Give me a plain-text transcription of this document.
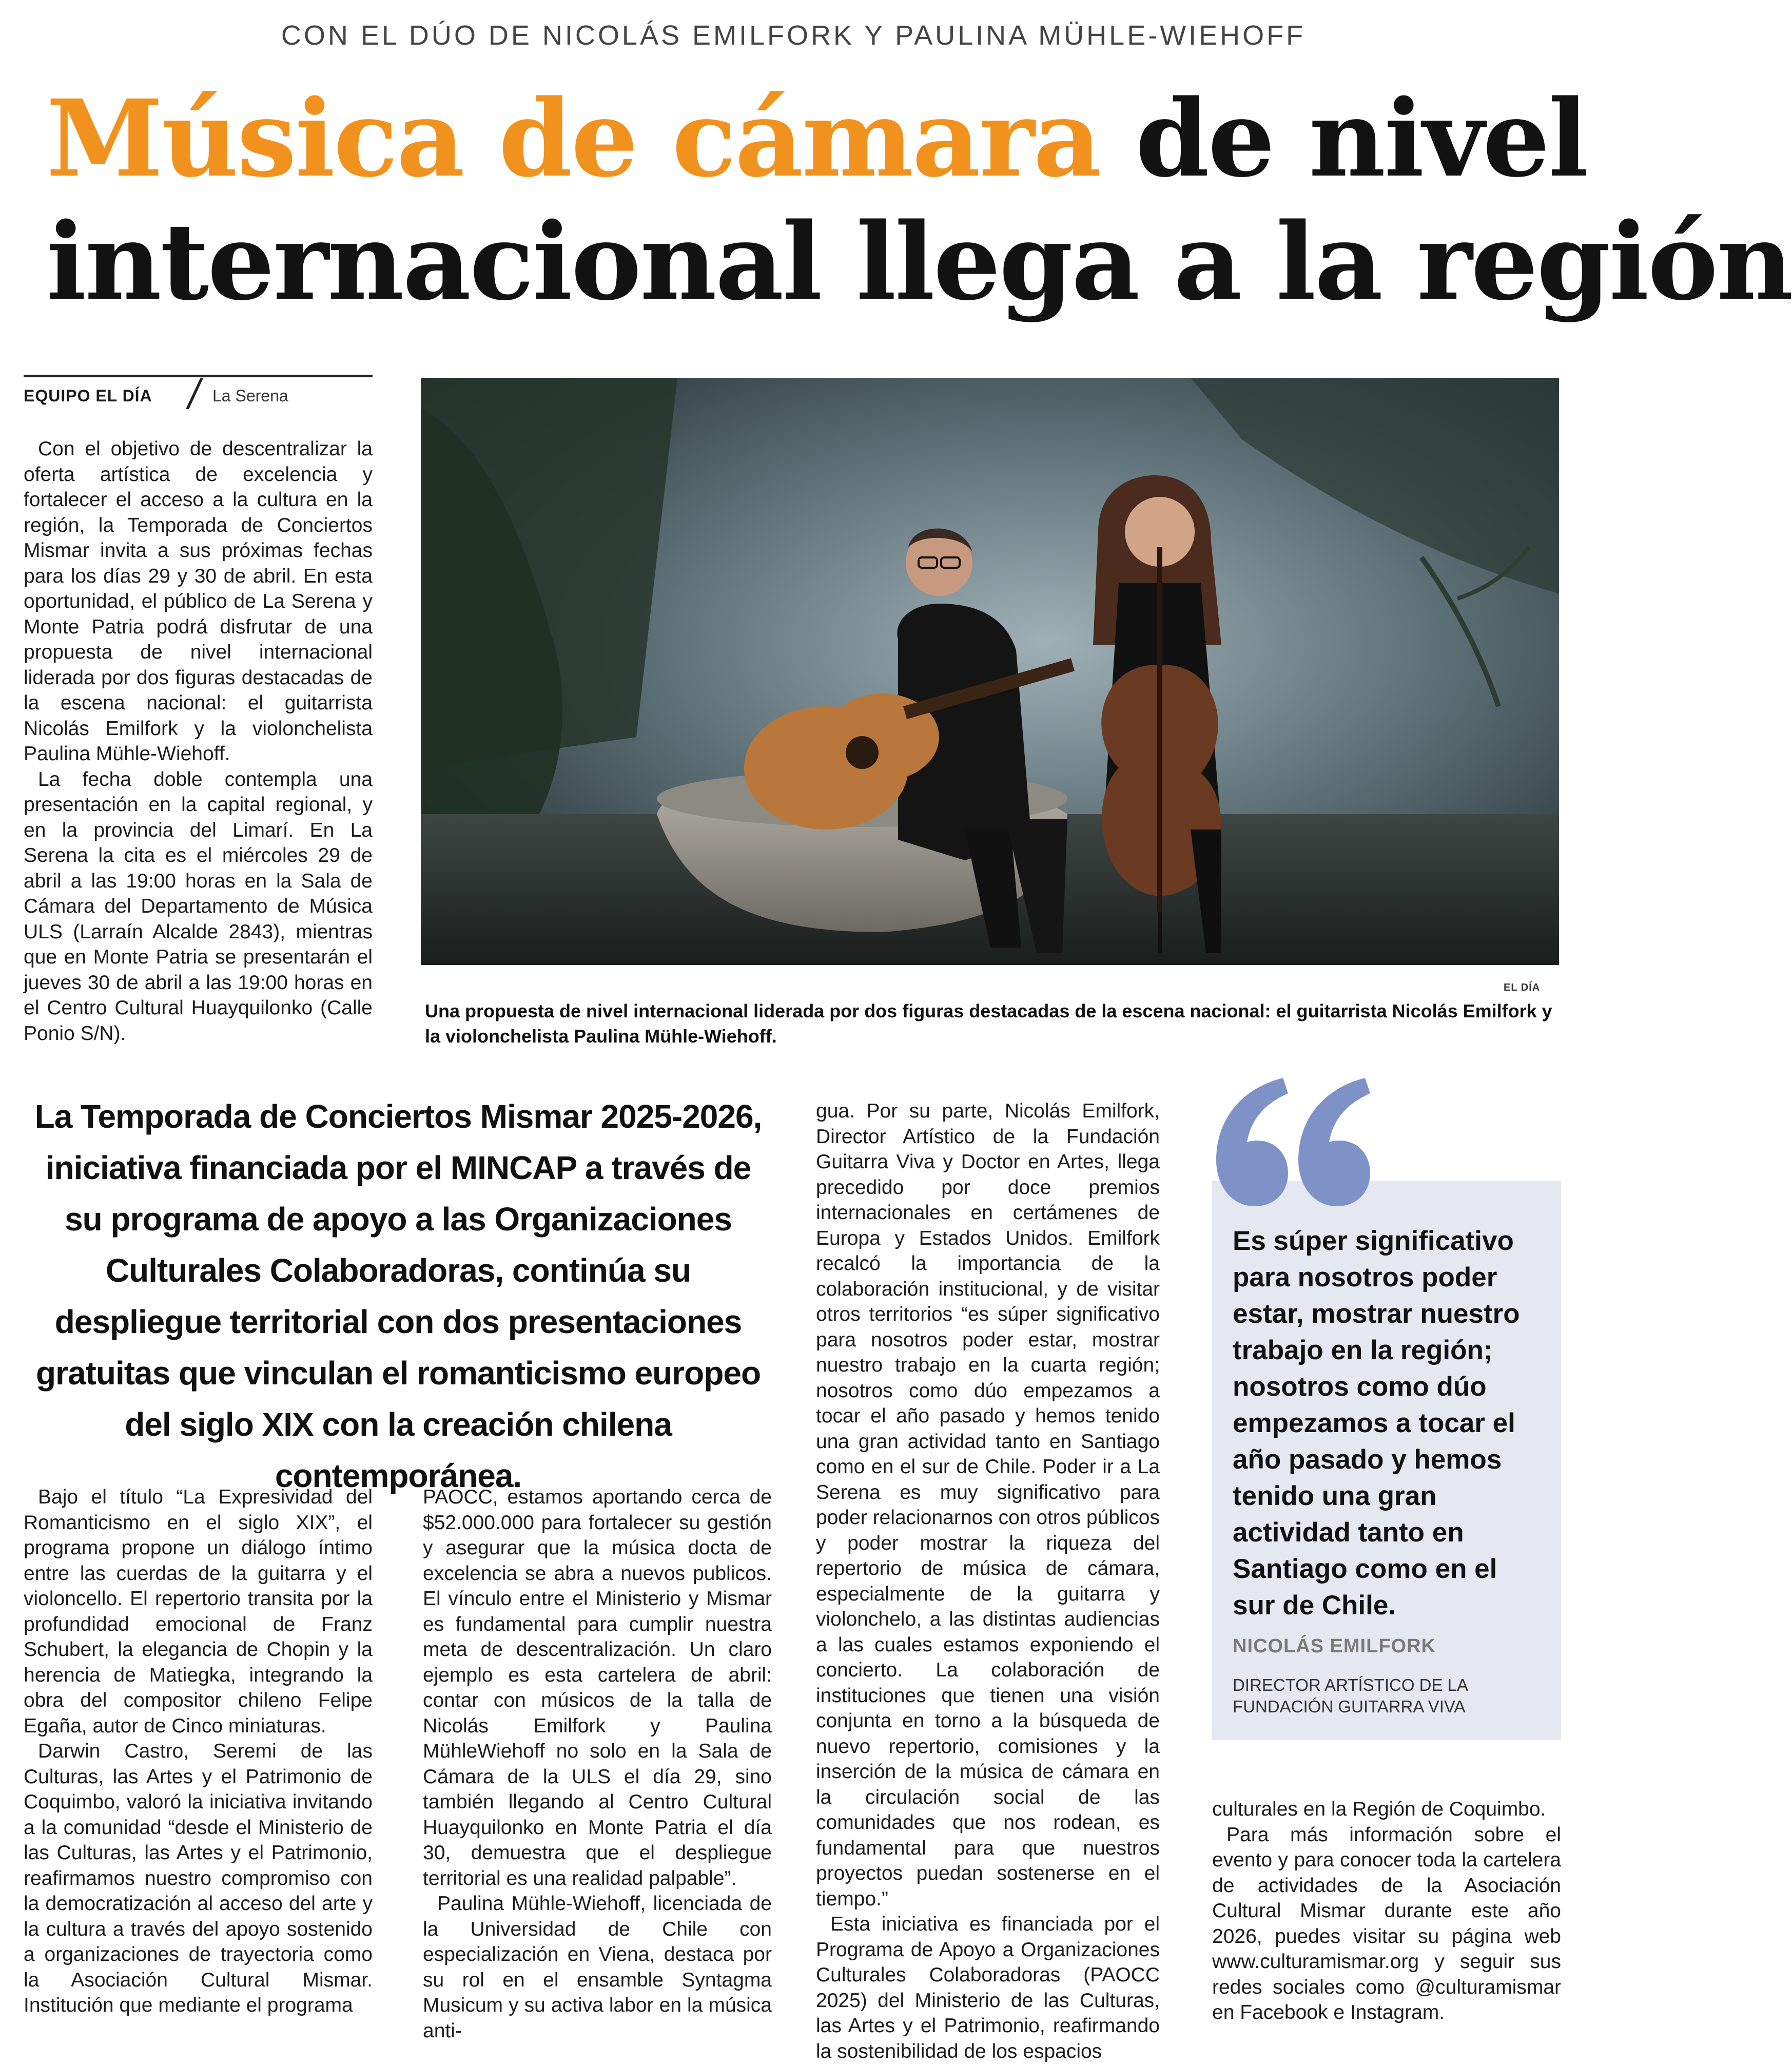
CON EL DÚO DE NICOLÁS EMILFORK Y PAULINA MÜHLE-WIEHOFF
Música de cámara de nivel
internacional llega a la región
EQUIPO EL DÍA	La Serena

Con el objetivo de descentralizar la oferta artística de excelencia y fortalecer el acceso a la cultura en la región, la Temporada de Conciertos Mismar invita a sus próximas fechas para los días 29 y 30 de abril. En esta oportunidad, el público de La Serena y Monte Patria podrá disfrutar de una propuesta de nivel internacional liderada por dos figuras destacadas de la escena nacional: el guitarrista Nicolás Emilfork y la violonchelista Paulina Mühle-Wiehoff.

La fecha doble contempla una presentación en la capital regional, y en la provincia del Limarí. En La Serena la cita es el miércoles 29 de abril a las 19:00 horas en la Sala de Cámara del Departamento de Música ULS (Larraín Alcalde 2843), mientras que en Monte Patria se presentarán el jueves 30 de abril a las 19:00 horas en el Centro Cultural Huayquilonko (Calle Ponio S/N).

EL DÍA
Una propuesta de nivel internacional liderada por dos figuras destacadas de la escena nacional: el guitarrista Nicolás Emilfork y la violonchelista Paulina Mühle-Wiehoff.
La Temporada de Conciertos Mismar 2025-2026, iniciativa financiada por el MINCAP a través de su programa de apoyo a las Organizaciones Culturales Colaboradoras, continúa su despliegue territorial con dos presentaciones gratuitas que vinculan el romanticismo europeo del siglo XIX con la creación chilena contemporánea.

Bajo el título “La Expresividad del Romanticismo en el siglo XIX”, el programa propone un diálogo íntimo entre las cuerdas de la guitarra y el violoncello. El repertorio transita por la profundidad emocional de Franz Schubert, la elegancia de Chopin y la herencia de Matiegka, integrando la obra del compositor chileno Felipe Egaña, autor de Cinco miniaturas.

Darwin Castro, Seremi de las Culturas, las Artes y el Patrimonio de Coquimbo, valoró la iniciativa invitando a la comunidad “desde el Ministerio de las Culturas, las Artes y el Patrimonio, reafirmamos nuestro compromiso con la democratización al acceso del arte y la cultura a través del apoyo sostenido a organizaciones de trayectoria como la Asociación Cultural Mismar. Institución que mediante el programa

PAOCC, estamos aportando cerca de $52.000.000 para fortalecer su gestión y asegurar que la música docta de excelencia se abra a nuevos publicos. El vínculo entre el Ministerio y Mismar es fundamental para cumplir nuestra meta de descentralización. Un claro ejemplo es esta cartelera de abril: contar con músicos de la talla de Nicolás Emilfork y Paulina MühleWiehoff no solo en la Sala de Cámara de la ULS el día 29, sino también llegando al Centro Cultural Huayquilonko en Monte Patria el día 30, demuestra que el despliegue territorial es una realidad palpable”.

Paulina Mühle-Wiehoff, licenciada de la Universidad de Chile con especialización en Viena, destaca por su rol en el ensamble Syntagma Musicum y su activa labor en la música anti-

gua. Por su parte, Nicolás Emilfork, Director Artístico de la Fundación Guitarra Viva y Doctor en Artes, llega precedido por doce premios internacionales en certámenes de Europa y Estados Unidos. Emilfork recalcó la importancia de la colaboración institucional, y de visitar otros territorios “es súper significativo para nosotros poder estar, mostrar nuestro trabajo en la cuarta región; nosotros como dúo empezamos a tocar el año pasado y hemos tenido una gran actividad tanto en Santiago como en el sur de Chile. Poder ir a La Serena es muy significativo para poder relacionarnos con otros públicos y poder mostrar la riqueza del repertorio de música de cámara, especialmente de la guitarra y violonchelo, a las distintas audiencias a las cuales estamos exponiendo el concierto. La colaboración de instituciones que tienen una visión conjunta en torno a la búsqueda de nuevo repertorio, comisiones y la inserción de la música de cámara en la circulación social de las comunidades que nos rodean, es fundamental para que nuestros proyectos puedan sostenerse en el tiempo.”

Esta iniciativa es financiada por el Programa de Apoyo a Organizaciones Culturales Colaboradoras (PAOCC 2025) del Ministerio de las Culturas, las Artes y el Patrimonio, reafirmando la sostenibilidad de los espacios

Es súper significativo para nosotros poder estar, mostrar nuestro trabajo en la región; nosotros como dúo empezamos a tocar el año pasado y hemos tenido una gran actividad tanto en Santiago como en el sur de Chile.
NICOLÁS EMILFORK
DIRECTOR ARTÍSTICO DE LA FUNDACIÓN GUITARRA VIVA

culturales en la Región de Coquimbo.

Para más información sobre el evento y para conocer toda la cartelera de actividades de la Asociación Cultural Mismar durante este año 2026, puedes visitar su página web www.culturamismar.org y seguir sus redes sociales como @culturamismar en Facebook e Instagram.
